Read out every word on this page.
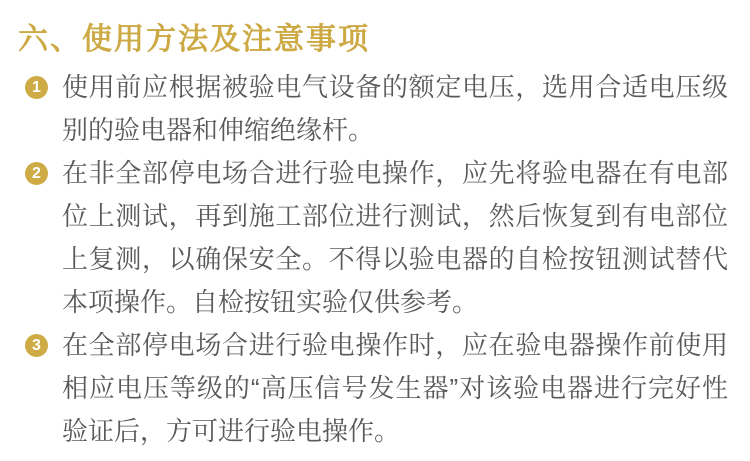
六、使用方法及注意事项
1 使用前应根据被验电气设备的额定电压，选用合适电压级别的验电器和伸缩绝缘杆。

2 在非全部停电场合进行验电操作，应先将验电器在有电部位上测试，再到施工部位进行测试，然后恢复到有电部位上复测，以确保安全。不得以验电器的自检按钮测试替代本项操作。自检按钮实验仅供参考。

3 在全部停电场合进行验电操作时，应在验电器操作前使用相应电压等级的“高压信号发生器”对该验电器进行完好性验证后，方可进行验电操作。
